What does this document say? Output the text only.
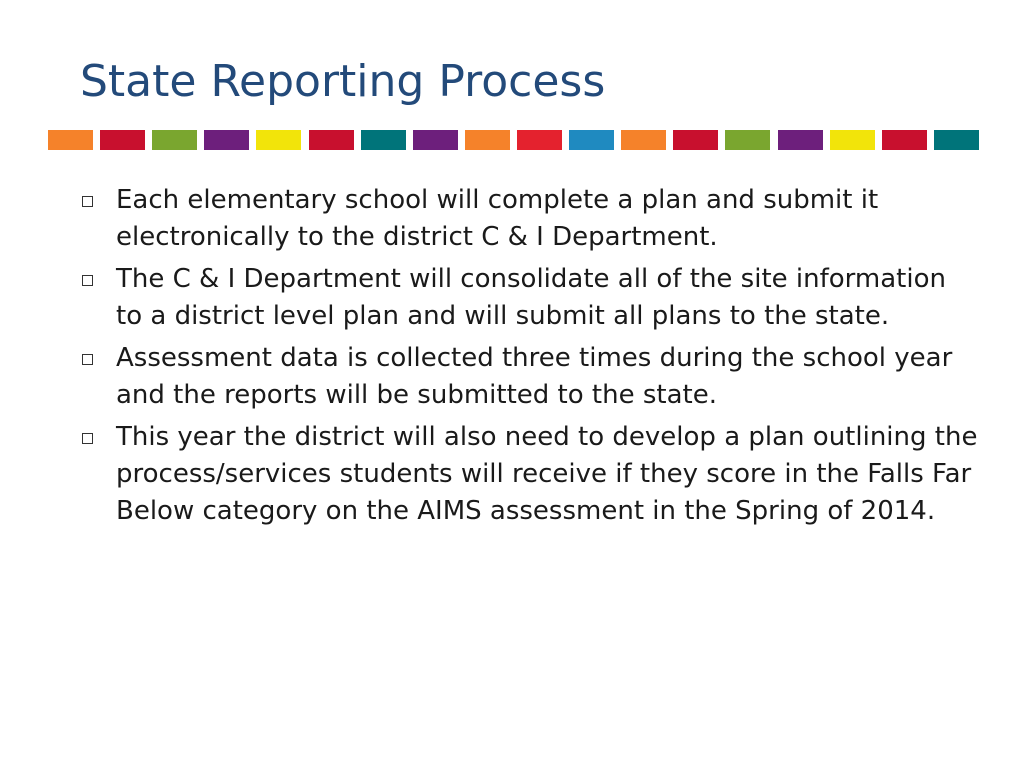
State Reporting Process
Each elementary school will complete a plan and submit it electronically to the district C & I Department.
The C & I Department will consolidate all of the site information to a district level plan and will submit all plans to the state.
Assessment data is collected three times during the school year and the reports will be submitted to the state.
This year the district will also need to develop a plan outlining the process/services students will receive if they score in the Falls Far Below category on the AIMS assessment in the Spring of 2014.
